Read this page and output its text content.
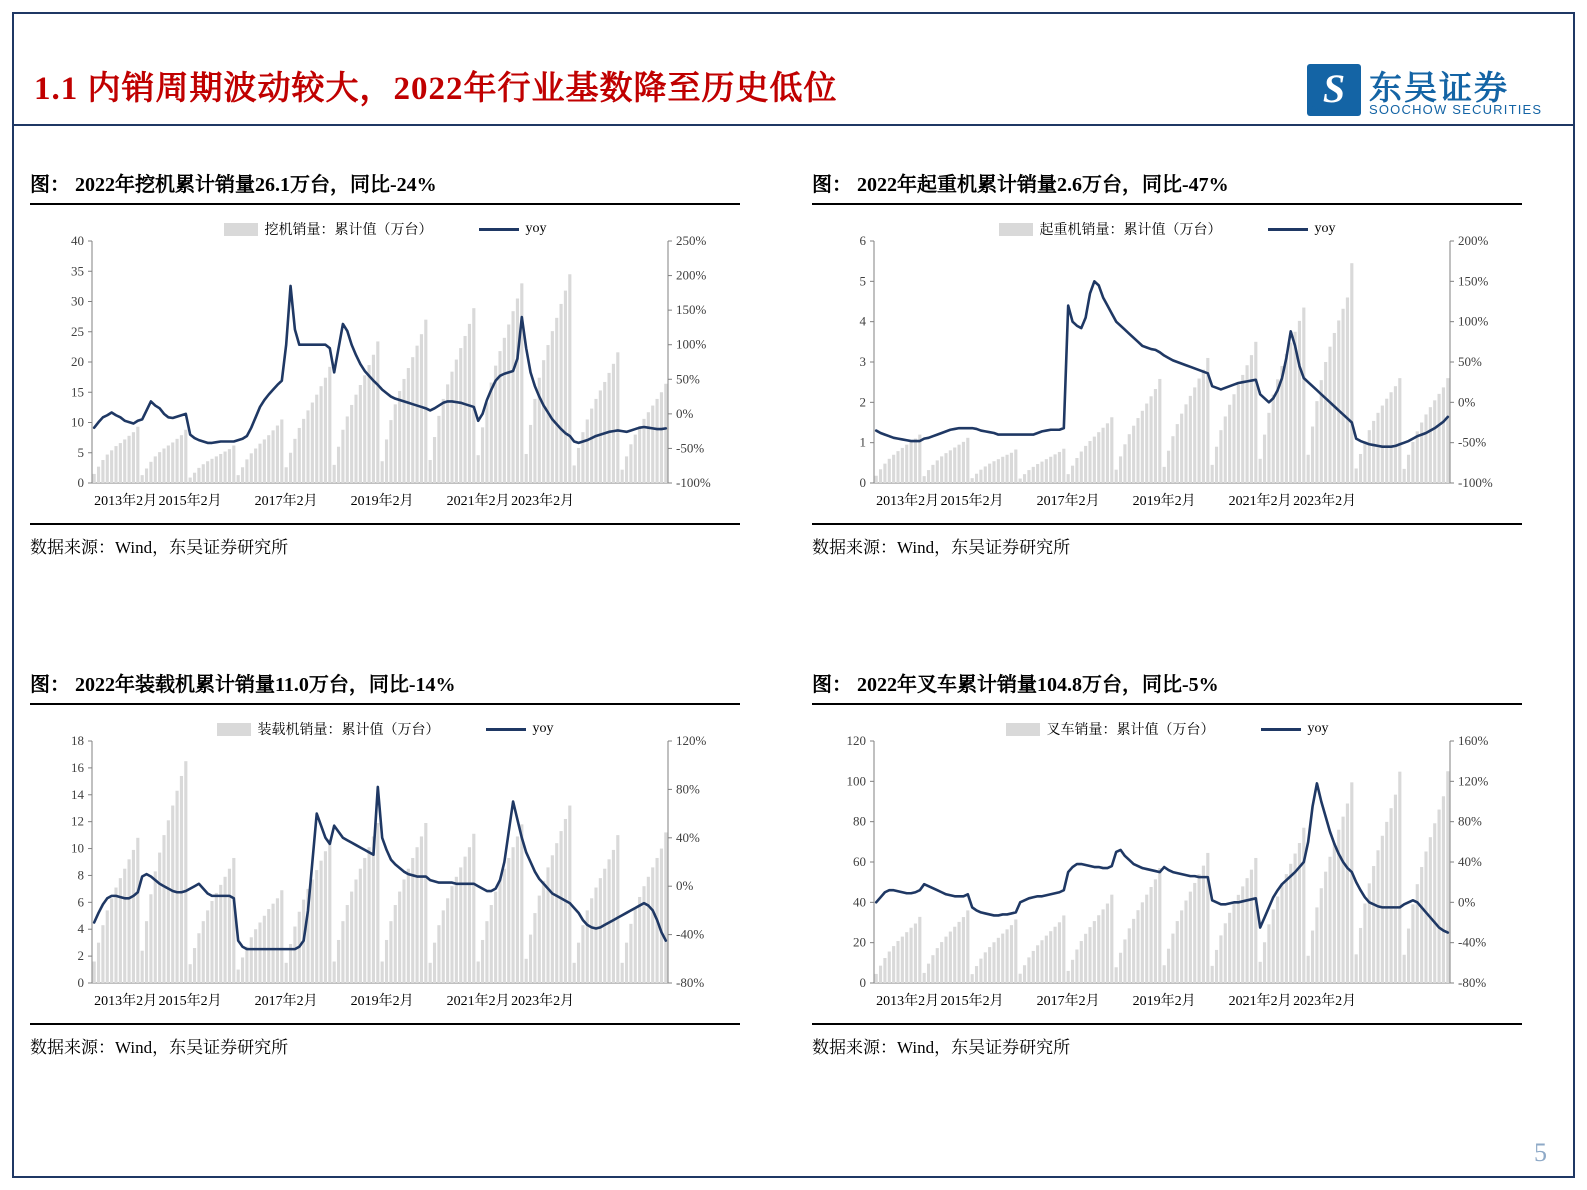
1.1 内销周期波动较大，2022年行业基数降至历史低位	S
SCS
东吴证券
SOOCHOW SECURITIES
图： 2022年挖机累计销量26.1万台，同比-24%
挖机销量：累计值（万台）	yoy
0
5
10
15
20
25
30
35
40
-100%
-50%
0%
50%
100%
150%
200%
250%
2013年2月 2015年2月 2017年2月 2019年2月 2021年2月 2023年2月
数据来源：Wind，东吴证券研究所
图： 2022年起重机累计销量2.6万台，同比-47%
起重机销量：累计值（万台）	yoy
0
1
2
3
4
5
6
-100%
-50%
0%
50%
100%
150%
200%
2013年2月 2015年2月 2017年2月 2019年2月 2021年2月 2023年2月
数据来源：Wind，东吴证券研究所
图： 2022年装载机累计销量11.0万台，同比-14%
装载机销量：累计值（万台）	yoy
0
2
4
6
8
10
12
14
16
18
-80%
-40%
0%
40%
80%
120%
2013年2月 2015年2月 2017年2月 2019年2月 2021年2月 2023年2月
数据来源：Wind，东吴证券研究所
图： 2022年叉车累计销量104.8万台，同比-5%
叉车销量：累计值（万台）	yoy
0
20
40
60
80
100
120
-80%
-40%
0%
40%
80%
120%
160%
2013年2月 2015年2月 2017年2月 2019年2月 2021年2月 2023年2月
数据来源：Wind，东吴证券研究所
5
